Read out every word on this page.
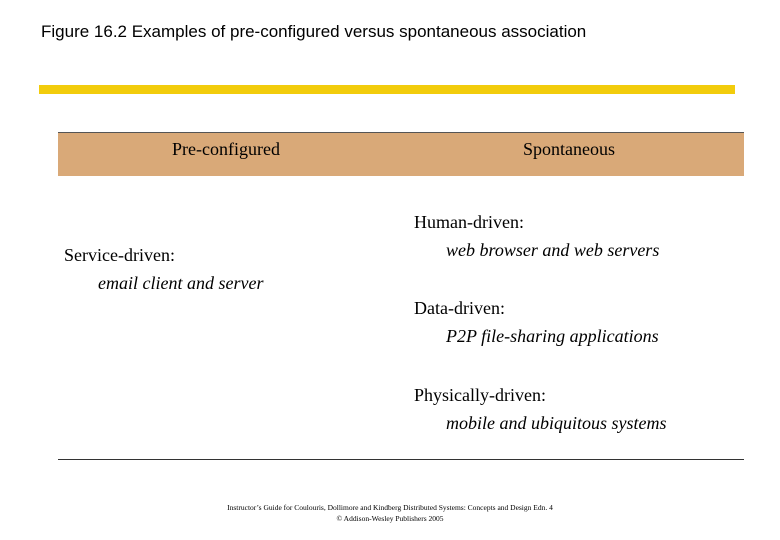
Figure 16.2 Examples of pre-configured versus spontaneous association
Pre-configured	Spontaneous
Service-driven:
email client and server
Human-driven:
web browser and web servers
Data-driven:
P2P file-sharing applications
Physically-driven:
mobile and ubiquitous systems
Instructor’s Guide for Coulouris, Dollimore and Kindberg Distributed Systems: Concepts and Design Edn. 4
© Addison-Wesley Publishers 2005
